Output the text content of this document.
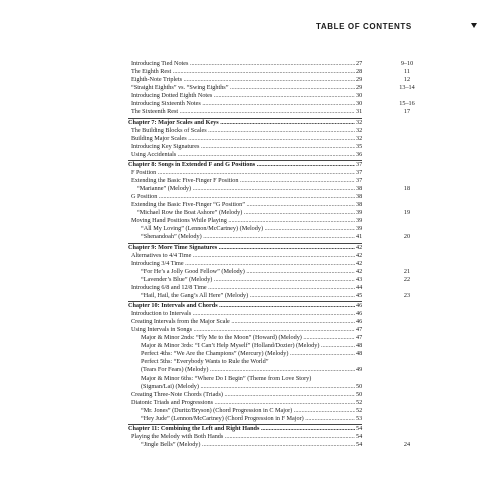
TABLE OF CONTENTS
Introducing Tied Notes .....	27	9–10
The Eighth Rest .....	28	11
Eighth-Note Triplets .....	29	12
“Straight Eighths” vs. “Swing Eighths” .....	29	13–14
Introducing Dotted Eighth Notes .....	30
Introducing Sixteenth Notes .....	30	15–16
The Sixteenth Rest .....	31	17
Chapter 7: Major Scales and Keys .....	32
The Building Blocks of Scales .....	32
Building Major Scales .....	32
Introducing Key Signatures .....	35
Using Accidentals .....	36
Chapter 8: Songs in Extended F and G Positions .....	37
F Position .....	37
Extending the Basic Five-Finger F Position .....	37
“Marianne” (Melody) .....	38	18
G Position .....	38
Extending the Basic Five-Finger “G Position” .....	38
“Michael Row the Boat Ashore” (Melody) .....	39	19
Moving Hand Positions While Playing .....	39
“All My Loving” (Lennon/McCartney) (Melody) .....	39
“Shenandoah” (Melody) .....	41	20
Chapter 9: More Time Signatures .....	42
Alternatives to 4/4 Time .....	42
Introducing 3/4 Time .....	42
“For He’s a Jolly Good Fellow” (Melody) .....	42	21
“Lavender’s Blue” (Melody) .....	43	22
Introducing 6/8 and 12/8 Time .....	44
“Hail, Hail, the Gang’s All Here” (Melody) .....	45	23
Chapter 10: Intervals and Chords .....	46
Introduction to Intervals .....	46
Creating Intervals from the Major Scale .....	46
Using Intervals in Songs .....	47
Major & Minor 2nds: “Fly Me to the Moon” (Howard) (Melody) .....	47
Major & Minor 3rds: “I Can’t Help Myself” (Holland/Dozier) (Melody) .....	48
Perfect 4ths: “We Are the Champions” (Mercury) (Melody) .....	48
Perfect 5ths: “Everybody Wants to Rule the World”
(Tears For Fears) (Melody) .....	49
Major & Minor 6ths: “Where Do I Begin” (Theme from Love Story)
(Sigman/Lai) (Melody) .....	50
Creating Three-Note Chords (Triads) .....	50
Diatonic Triads and Progressions .....	52
“Mr. Jones” (Duritz/Bryson) (Chord Progression in C Major) .....	52
“Hey Jude” (Lennon/McCartney) (Chord Progression in F Major) .....	53
Chapter 11: Combining the Left and Right Hands .....	54
Playing the Melody with Both Hands .....	54
“Jingle Bells” (Melody) .....	54	24
